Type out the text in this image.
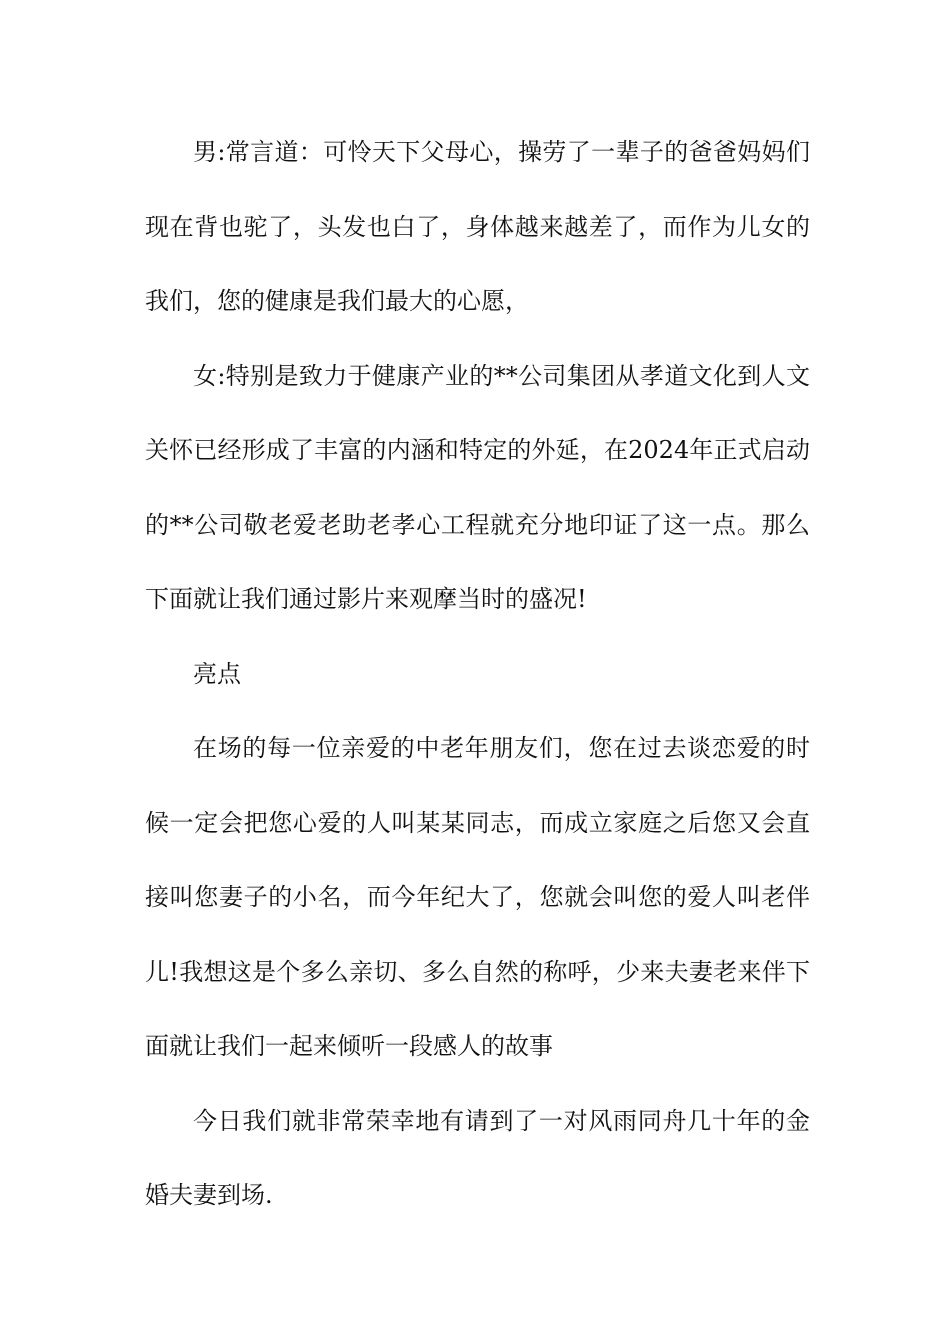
男:常言道：可怜天下父母心，操劳了一辈子的爸爸妈妈们现在背也驼了，头发也白了，身体越来越差了，而作为儿女的我们，您的健康是我们最大的心愿，

女:特别是致力于健康产业的**公司集团从孝道文化到人文关怀已经形成了丰富的内涵和特定的外延，在2024年正式启动的**公司敬老爱老助老孝心工程就充分地印证了这一点。那么下面就让我们通过影片来观摩当时的盛况!

亮点

在场的每一位亲爱的中老年朋友们，您在过去谈恋爱的时候一定会把您心爱的人叫某某同志，而成立家庭之后您又会直接叫您妻子的小名，而今年纪大了，您就会叫您的爱人叫老伴儿!我想这是个多么亲切、多么自然的称呼，少来夫妻老来伴下面就让我们一起来倾听一段感人的故事

今日我们就非常荣幸地有请到了一对风雨同舟几十年的金婚夫妻到场.
